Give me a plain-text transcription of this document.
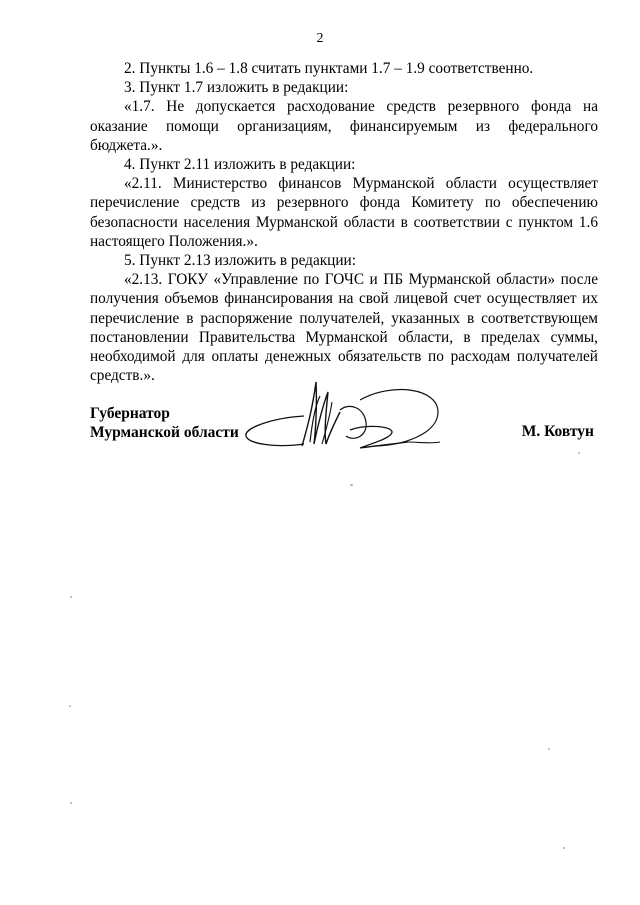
2

2. Пункты 1.6 – 1.8 считать пунктами 1.7 – 1.9 соответственно.

3. Пункт 1.7 изложить в редакции:

«1.7. Не допускается расходование средств резервного фонда на оказание помощи организациям, финансируемым из федерального бюджета.».

4. Пункт 2.11 изложить в редакции:

«2.11. Министерство финансов Мурманской области осуществляет перечисление средств из резервного фонда Комитету по обеспечению безопасности населения Мурманской области в соответствии с пунктом 1.6 настоящего Положения.».

5. Пункт 2.13 изложить в редакции:

«2.13. ГОКУ «Управление по ГОЧС и ПБ Мурманской области» после получения объемов финансирования на свой лицевой счет осуществляет их перечисление в распоряжение получателей, указанных в соответствующем постановлении Правительства Мурманской области, в пределах суммы, необходимой для оплаты денежных обязательств по расходам получателей средств.».

Губернатор
Мурманской области	М. Ковтун
